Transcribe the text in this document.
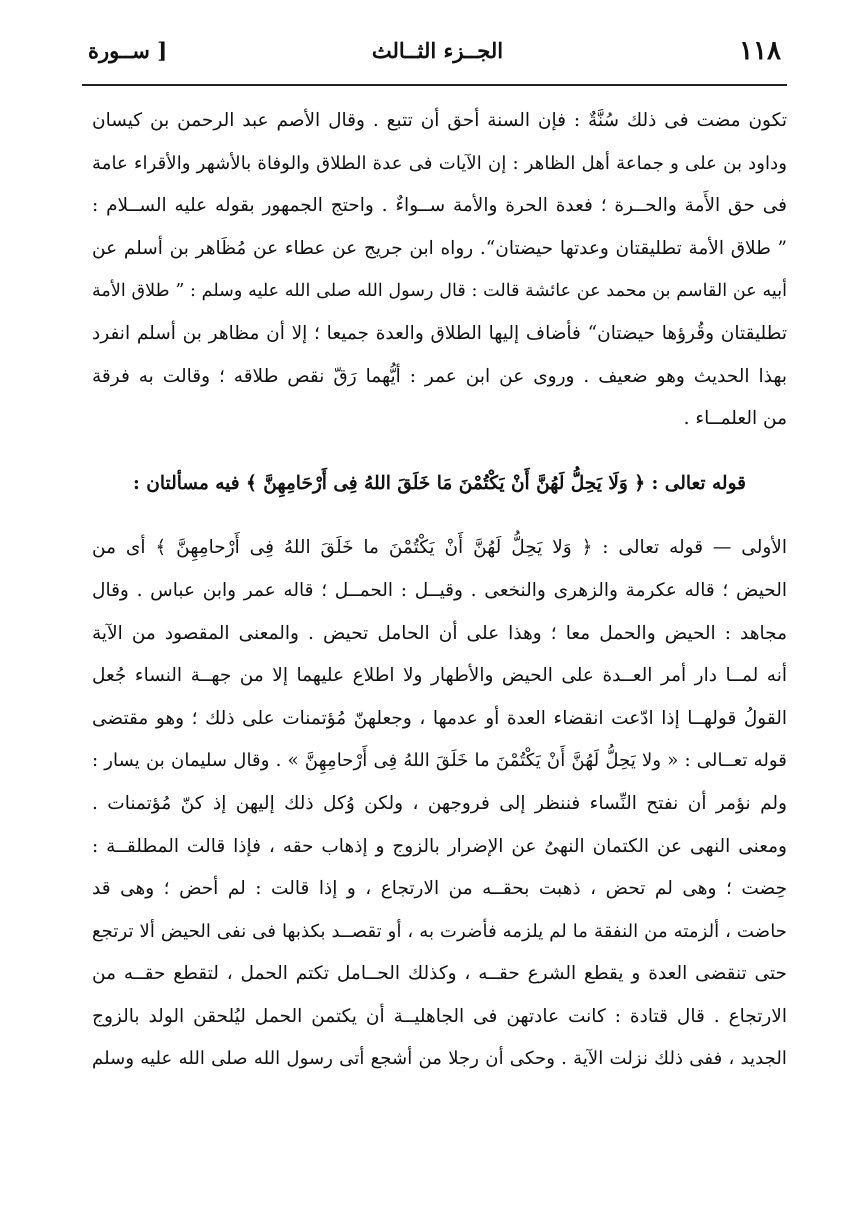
١١٨
الجــزء الثــالث
[ ســورة
تكون مضت فى ذلك سُنَّةٌ : فإن السنة أحق أن تتبع . وقال الأصم عبد الرحمن بن كيسان
وداود بن على و جماعة أهل الظاهر : إن الآيات فى عدة الطلاق والوفاة بالأشهر والأقراء عامة
فى حق الأَمة والحــرة ؛ فعدة الحرة والأمة ســواءٌ . واحتج الجمهور بقوله عليه الســلام :
” طلاق الأمة تطليقتان وعدتها حيضتان“. رواه ابن جريج عن عطاء عن مُظَاهر بن أسلم عن
أبيه عن القاسم بن محمد عن عائشة قالت : قال رسول الله صلى الله عليه وسلم : ” طلاق الأمة
تطليقتان وقُرؤها حيضتان“ فأضاف إليها الطلاق والعدة جميعا ؛ إلا أن مظاهر بن أسلم انفرد
بهذا الحديث وهو ضعيف . وروى عن ابن عمر : أيُّهما رَقّ نقص طلاقه ؛ وقالت به فرقة
من العلمــاء .
قوله تعالى : ﴿ وَلَا يَحِلُّ لَهُنَّ أَنْ يَكْتُمْنَ مَا خَلَقَ اللهُ فِى أَرْحَامِهِنَّ ﴾ فيه مسألتان :
الأولى — قوله تعالى : ﴿ وَلا يَحِلُّ لَهُنَّ أَنْ يَكْتُمْنَ ما خَلَقَ اللهُ فِى أَرْحامِهِنَّ ﴾ أى من
الحيض ؛ قاله عكرمة والزهرى والنخعى . وقيــل : الحمــل ؛ قاله عمر وابن عباس . وقال
مجاهد : الحيض والحمل معا ؛ وهذا على أن الحامل تحيض . والمعنى المقصود من الآية
أنه لمــا دار أمر العــدة على الحيض والأطهار ولا اطلاع عليهما إلا من جهــة النساء جُعل
القولُ قولهــا إذا ادّعت انقضاء العدة أو عدمها ، وجعلهنّ مُؤتمنات على ذلك ؛ وهو مقتضى
قوله تعــالى : « ولا يَحِلُّ لَهُنَّ أَنْ يَكْتُمْنَ ما خَلَقَ اللهُ فِى أَرْحامِهِنَّ » . وقال سليمان بن يسار :
ولم نؤمر أن نفتح النِّساء فننظر إلى فروجهن ، ولكن وُكل ذلك إليهن إذ كنّ مُؤتمنات .
ومعنى النهى عن الكتمان النهىُ عن الإضرار بالزوج و إذهاب حقه ، فإذا قالت المطلقــة :
حِضت ؛ وهى لم تحض ، ذهبت بحقــه من الارتجاع ، و إذا قالت : لم أحض ؛ وهى قد
حاضت ، ألزمته من النفقة ما لم يلزمه فأضرت به ، أو تقصــد بكذبها فى نفى الحيض ألا ترتجع
حتى تنقضى العدة و يقطع الشرع حقــه ، وكذلك الحــامل تكتم الحمل ، لتقطع حقــه من
الارتجاع . قال قتادة : كانت عادتهن فى الجاهليــة أن يكتمن الحمل ليُلحقن الولد بالزوج
الجديد ، ففى ذلك نزلت الآية . وحكى أن رجلا من أشجع أتى رسول الله صلى الله عليه وسلم
